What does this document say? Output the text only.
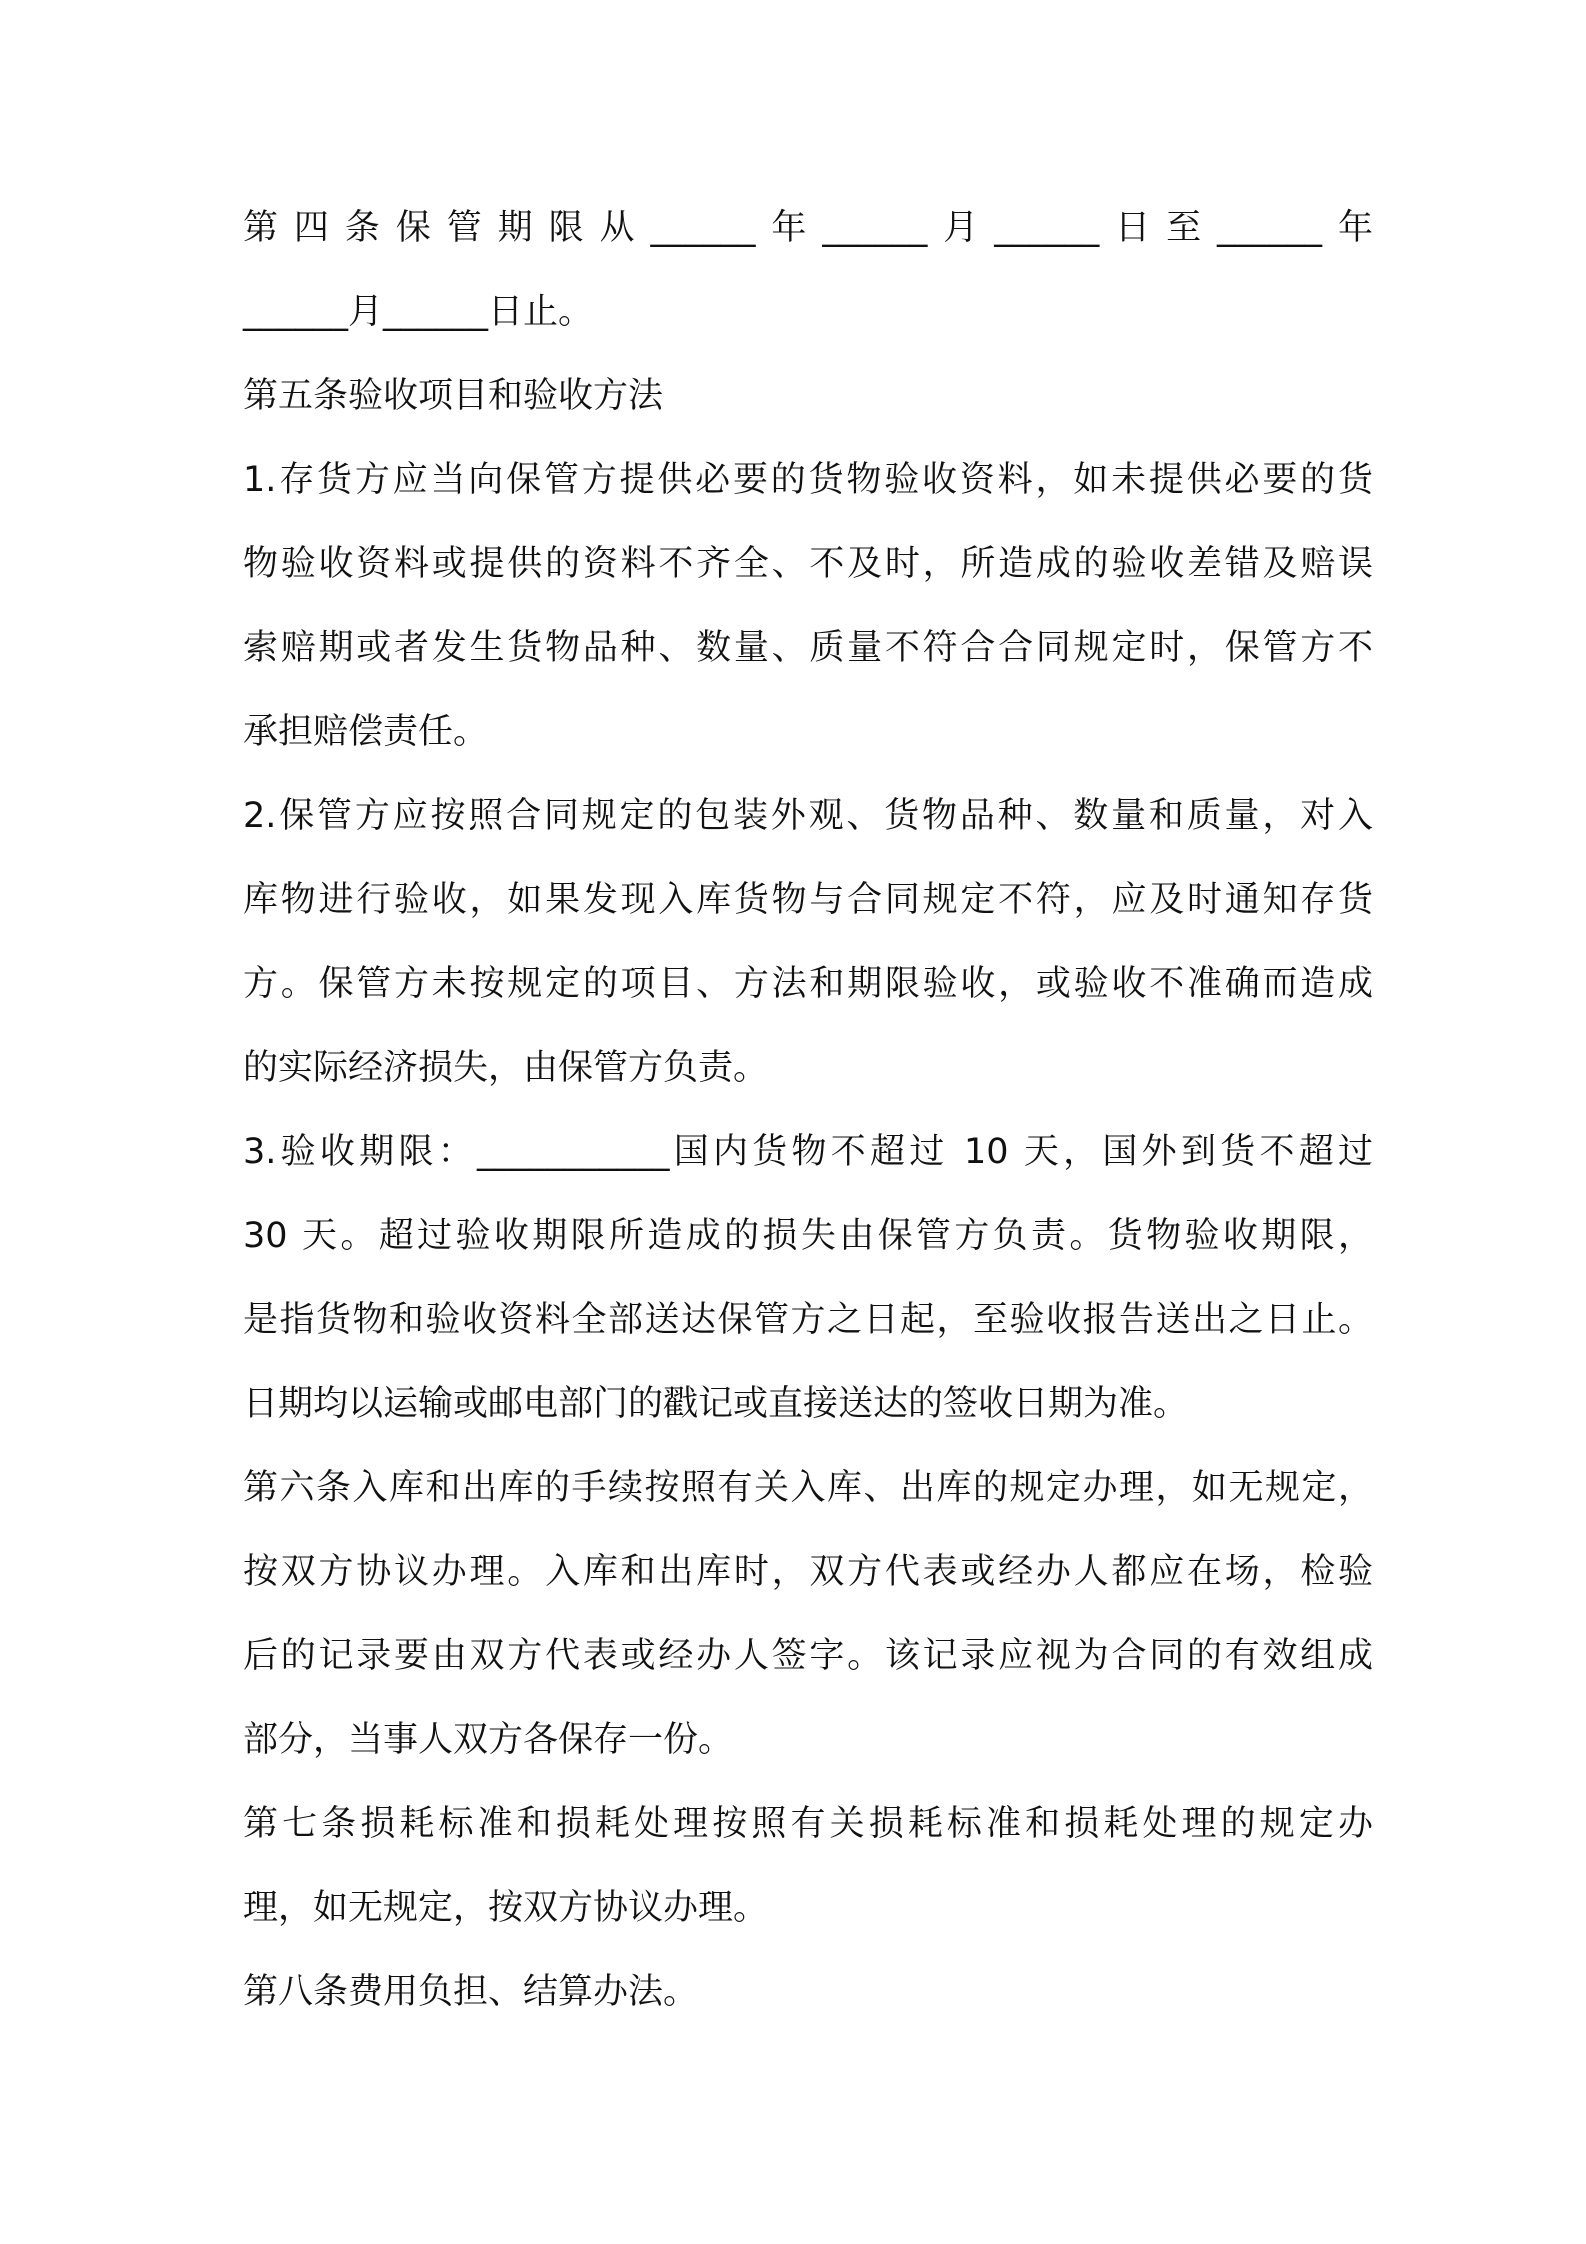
第四条保管期限从______年______月______日至______年
______月______日止。
第五条验收项目和验收方法
1.存货方应当向保管方提供必要的货物验收资料，如未提供必要的货
物验收资料或提供的资料不齐全、不及时，所造成的验收差错及赔误
索赔期或者发生货物品种、数量、质量不符合合同规定时，保管方不
承担赔偿责任。
2.保管方应按照合同规定的包装外观、货物品种、数量和质量，对入
库物进行验收，如果发现入库货物与合同规定不符，应及时通知存货
方。保管方未按规定的项目、方法和期限验收，或验收不准确而造成
的实际经济损失，由保管方负责。
3.验收期限：___________国内货物不超过 10 天，国外到货不超过
30 天。超过验收期限所造成的损失由保管方负责。货物验收期限，
是指货物和验收资料全部送达保管方之日起，至验收报告送出之日止。
日期均以运输或邮电部门的戳记或直接送达的签收日期为准。
第六条入库和出库的手续按照有关入库、出库的规定办理，如无规定，
按双方协议办理。入库和出库时，双方代表或经办人都应在场，检验
后的记录要由双方代表或经办人签字。该记录应视为合同的有效组成
部分，当事人双方各保存一份。
第七条损耗标准和损耗处理按照有关损耗标准和损耗处理的规定办
理，如无规定，按双方协议办理。
第八条费用负担、结算办法。
